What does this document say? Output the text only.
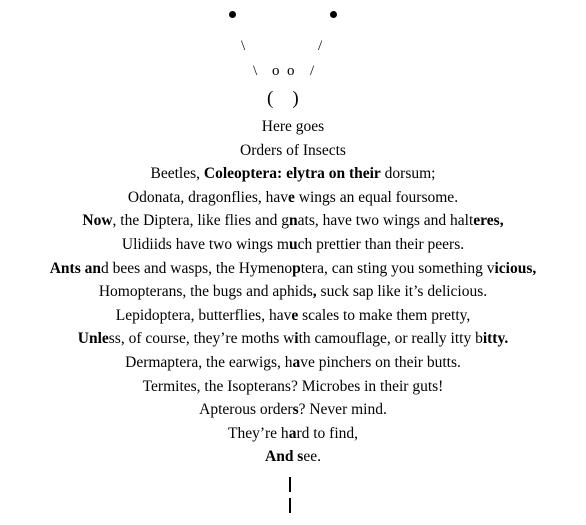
\	/
\ o  o /
(    )
Here goes
Orders of Insects
Beetles, Coleoptera: elytra on their dorsum;
Odonata, dragonflies, have wings an equal foursome.
Now, the Diptera, like flies and gnats, have two wings and halteres,
Ulidiids have two wings much prettier than their peers.
Ants and bees and wasps, the Hymenoptera, can sting you something vicious,
Homopterans, the bugs and aphids, suck sap like it’s delicious.
Lepidoptera, butterflies, have scales to make them pretty,
Unless, of course, they’re moths with camouflage, or really itty bitty.
Dermaptera, the earwigs, have pinchers on their butts.
Termites, the Isopterans? Microbes in their guts!
Apterous orders? Never mind.
They’re hard to find,
And see.
